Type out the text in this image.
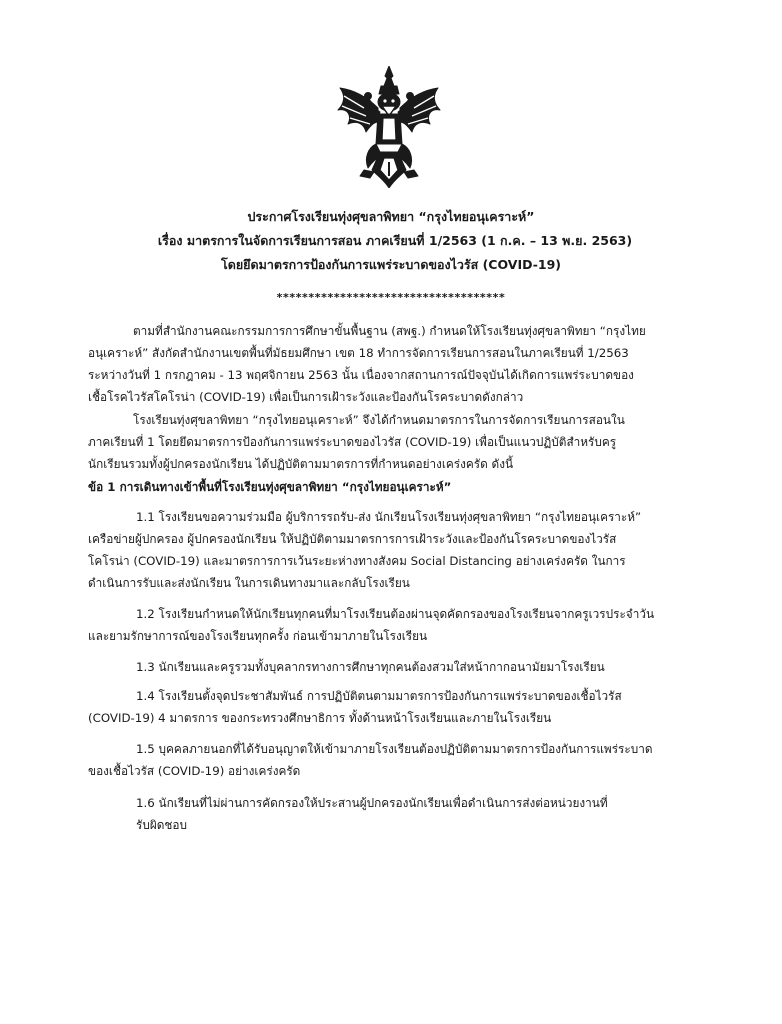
ประกาศโรงเรียนทุ่งศุขลาพิทยา “กรุงไทยอนุเคราะห์”
เรื่อง มาตรการในจัดการเรียนการสอน ภาคเรียนที่ 1/2563 (1 ก.ค. – 13 พ.ย. 2563)
โดยยึดมาตรการป้องกันการแพร่ระบาดของไวรัส (COVID-19)
************************************

ตามที่สำนักงานคณะกรรมการการศึกษาขั้นพื้นฐาน (สพฐ.) กำหนดให้โรงเรียนทุ่งศุขลาพิทยา “กรุงไทย

อนุเคราะห์” สังกัดสำนักงานเขตพื้นที่มัธยมศึกษา เขต 18 ทำการจัดการเรียนการสอนในภาคเรียนที่ 1/2563

ระหว่างวันที่ 1 กรกฎาคม - 13 พฤศจิกายน 2563 นั้น เนื่องจากสถานการณ์ปัจจุบันได้เกิดการแพร่ระบาดของ

เชื้อโรคไวรัสโคโรน่า (COVID-19) เพื่อเป็นการเฝ้าระวังและป้องกันโรคระบาดดังกล่าว

โรงเรียนทุ่งศุขลาพิทยา “กรุงไทยอนุเคราะห์” จึงได้กำหนดมาตรการในการจัดการเรียนการสอนใน

ภาคเรียนที่ 1 โดยยึดมาตรการป้องกันการแพร่ระบาดของไวรัส (COVID-19) เพื่อเป็นแนวปฏิบัติสำหรับครู

นักเรียนรวมทั้งผู้ปกครองนักเรียน ได้ปฏิบัติตามมาตรการที่กำหนดอย่างเคร่งครัด ดังนี้

ข้อ 1 การเดินทางเข้าพื้นที่โรงเรียนทุ่งศุขลาพิทยา “กรุงไทยอนุเคราะห์”

1.1 โรงเรียนขอความร่วมมือ ผู้บริการรถรับ-ส่ง นักเรียนโรงเรียนทุ่งศุขลาพิทยา “กรุงไทยอนุเคราะห์”

เครือข่ายผู้ปกครอง ผู้ปกครองนักเรียน ให้ปฏิบัติตามมาตรการการเฝ้าระวังและป้องกันโรคระบาดของไวรัส

โคโรน่า (COVID-19) และมาตรการการเว้นระยะห่างทางสังคม Social Distancing อย่างเคร่งครัด ในการ

ดำเนินการรับและส่งนักเรียน ในการเดินทางมาและกลับโรงเรียน

1.2 โรงเรียนกำหนดให้นักเรียนทุกคนที่มาโรงเรียนต้องผ่านจุดคัดกรองของโรงเรียนจากครูเวรประจำวัน

และยามรักษาการณ์ของโรงเรียนทุกครั้ง ก่อนเข้ามาภายในโรงเรียน

1.3 นักเรียนและครูรวมทั้งบุคลากรทางการศึกษาทุกคนต้องสวมใส่หน้ากากอนามัยมาโรงเรียน

1.4 โรงเรียนตั้งจุดประชาสัมพันธ์ การปฏิบัติตนตามมาตรการป้องกันการแพร่ระบาดของเชื้อไวรัส

(COVID-19) 4 มาตรการ ของกระทรวงศึกษาธิการ ทั้งด้านหน้าโรงเรียนและภายในโรงเรียน

1.5 บุคคลภายนอกที่ได้รับอนุญาตให้เข้ามาภายโรงเรียนต้องปฏิบัติตามมาตรการป้องกันการแพร่ระบาด

ของเชื้อไวรัส (COVID-19) อย่างเคร่งครัด

1.6 นักเรียนที่ไม่ผ่านการคัดกรองให้ประสานผู้ปกครองนักเรียนเพื่อดำเนินการส่งต่อหน่วยงานที่

รับผิดชอบ
